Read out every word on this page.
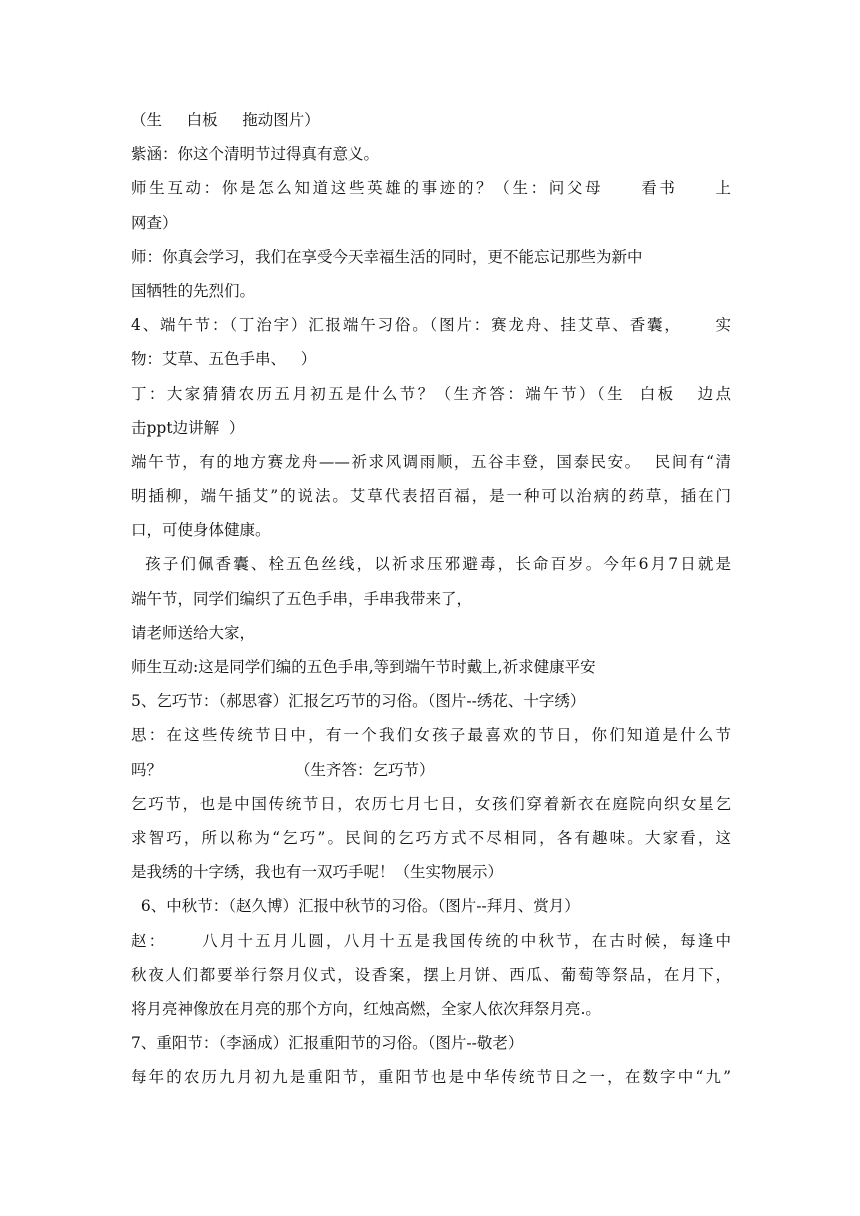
（生     白板     拖动图片）
紫涵：你这个清明节过得真有意义。
师生互动：你是怎么知道这些英雄的事迹的？（生：问父母     看书     上
网查）
师：你真会学习，我们在享受今天幸福生活的同时，更不能忘记那些为新中
国牺牲的先烈们。
4、端午节：（丁治宇）汇报端午习俗。（图片：赛龙舟、挂艾草、香囊，     实
物：艾草、五色手串、   ）
丁：大家猜猜农历五月初五是什么节？（生齐答：端午节）（生  白板   边点
击ppt边讲解  ）
端午节，有的地方赛龙舟——祈求风调雨顺，五谷丰登，国泰民安。  民间有“清
明插柳，端午插艾”的说法。艾草代表招百福，是一种可以治病的药草，插在门
口，可使身体健康。
孩子们佩香囊、栓五色丝线，以祈求压邪避毒，长命百岁。今年6月7日就是
端午节，同学们编织了五色手串，手串我带来了，
请老师送给大家，
师生互动:这是同学们编的五色手串,等到端午节时戴上,祈求健康平安
5、乞巧节：（郝思睿）汇报乞巧节的习俗。（图片--绣花、十字绣）
思：在这些传统节日中，有一个我们女孩子最喜欢的节日，你们知道是什么节
吗？                           （生齐答：乞巧节）
乞巧节，也是中国传统节日，农历七月七日，女孩们穿着新衣在庭院向织女星乞
求智巧，所以称为“乞巧”。民间的乞巧方式不尽相同，各有趣味。大家看，这
是我绣的十字绣，我也有一双巧手呢！（生实物展示）
6、中秋节：（赵久博）汇报中秋节的习俗。（图片--拜月、赏月）
赵：     八月十五月儿圆，八月十五是我国传统的中秋节，在古时候，每逢中
秋夜人们都要举行祭月仪式，设香案，摆上月饼、西瓜、葡萄等祭品，在月下，
将月亮神像放在月亮的那个方向，红烛高燃，全家人依次拜祭月亮.。
7、重阳节：（李涵成）汇报重阳节的习俗。（图片--敬老）
每年的农历九月初九是重阳节，重阳节也是中华传统节日之一，在数字中“九”
